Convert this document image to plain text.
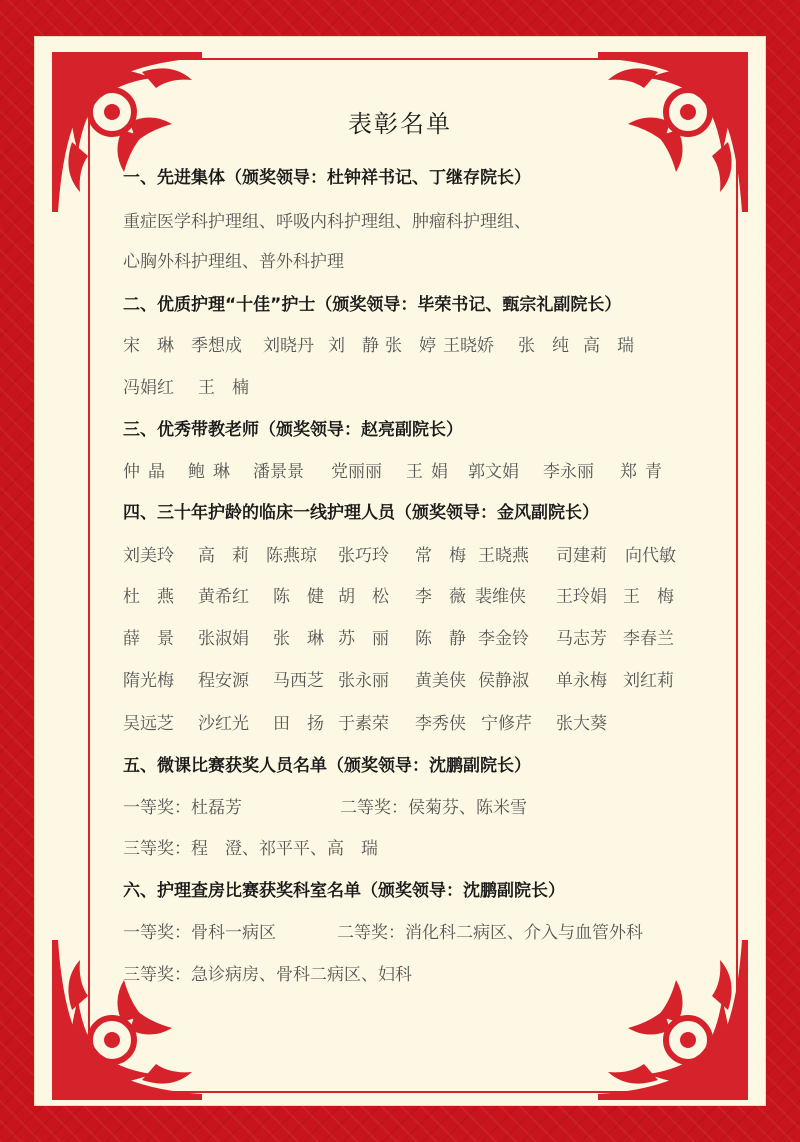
表彰名单
一、先进集体（颁奖领导：杜钟祥书记、丁继存院长）
重症医学科护理组、呼吸内科护理组、肿瘤科护理组、
心胸外科护理组、普外科护理
二、优质护理“十佳”护士（颁奖领导：毕荣书记、甄宗礼副院长）
宋　琳 季想成 刘晓丹 刘　静 张　婷 王晓娇 张　纯 高　瑞
冯娟红 王　楠
三、优秀带教老师（颁奖领导：赵亮副院长）
仲晶 鲍琳 潘景景 党丽丽 王娟 郭文娟 李永丽 郑青
四、三十年护龄的临床一线护理人员（颁奖领导：金风副院长）
刘美玲 高　莉 陈燕琼 张巧玲 常　梅 王晓燕 司建莉 向代敏
杜　燕 黄希红 陈　健 胡　松 李　薇 裴维侠 王玲娟 王　梅
薛　景 张淑娟 张　琳 苏　丽 陈　静 李金铃 马志芳 李春兰
隋光梅 程安源 马西芝 张永丽 黄美侠 侯静淑 单永梅 刘红莉
吴远芝 沙红光 田　扬 于素荣 李秀侠 宁修芹 张大葵
五、微课比赛获奖人员名单（颁奖领导：沈鹏副院长）
一等奖：杜磊芳	二等奖：侯菊芬、陈米雪
三等奖：程　澄、祁平平、高　瑞
六、护理查房比赛获奖科室名单（颁奖领导：沈鹏副院长）
一等奖：骨科一病区	二等奖：消化科二病区、介入与血管外科
三等奖：急诊病房、骨科二病区、妇科
